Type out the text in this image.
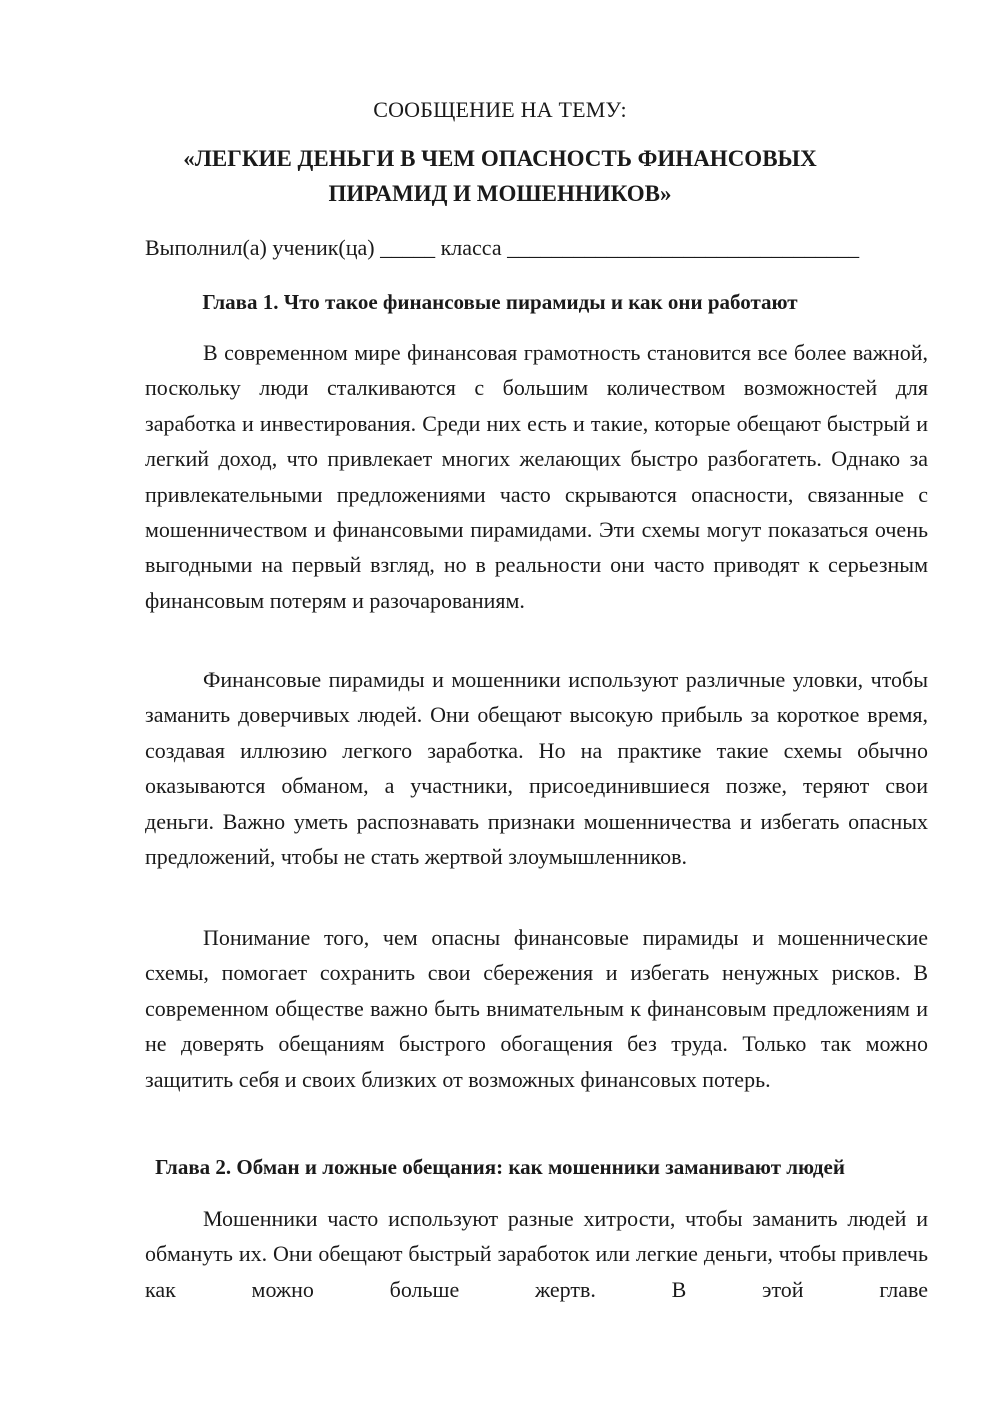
СООБЩЕНИЕ НА ТЕМУ:
«ЛЕГКИЕ ДЕНЬГИ В ЧЕМ ОПАСНОСТЬ ФИНАНСОВЫХ
ПИРАМИД И МОШЕННИКОВ»
Выполнил(а) ученик(ца) _____ класса ________________________________
Глава 1. Что такое финансовые пирамиды и как они работают

В современном мире финансовая грамотность становится все более важной, поскольку люди сталкиваются с большим количеством возможностей для заработка и инвестирования. Среди них есть и такие, которые обещают быстрый и легкий доход, что привлекает многих желающих быстро разбогатеть. Однако за привлекательными предложениями часто скрываются опасности, связанные с мошенничеством и финансовыми пирамидами. Эти схемы могут показаться очень выгодными на первый взгляд, но в реальности они часто приводят к серьезным финансовым потерям и разочарованиям.

Финансовые пирамиды и мошенники используют различные уловки, чтобы заманить доверчивых людей. Они обещают высокую прибыль за короткое время, создавая иллюзию легкого заработка. Но на практике такие схемы обычно оказываются обманом, а участники, присоединившиеся позже, теряют свои деньги. Важно уметь распознавать признаки мошенничества и избегать опасных предложений, чтобы не стать жертвой злоумышленников.

Понимание того, чем опасны финансовые пирамиды и мошеннические схемы, помогает сохранить свои сбережения и избегать ненужных рисков. В современном обществе важно быть внимательным к финансовым предложениям и не доверять обещаниям быстрого обогащения без труда. Только так можно защитить себя и своих близких от возможных финансовых потерь.

Глава 2. Обман и ложные обещания: как мошенники заманивают людей

Мошенники часто используют разные хитрости, чтобы заманить людей и обмануть их. Они обещают быстрый заработок или легкие деньги, чтобы привлечь как можно больше жертв. В этой главе
